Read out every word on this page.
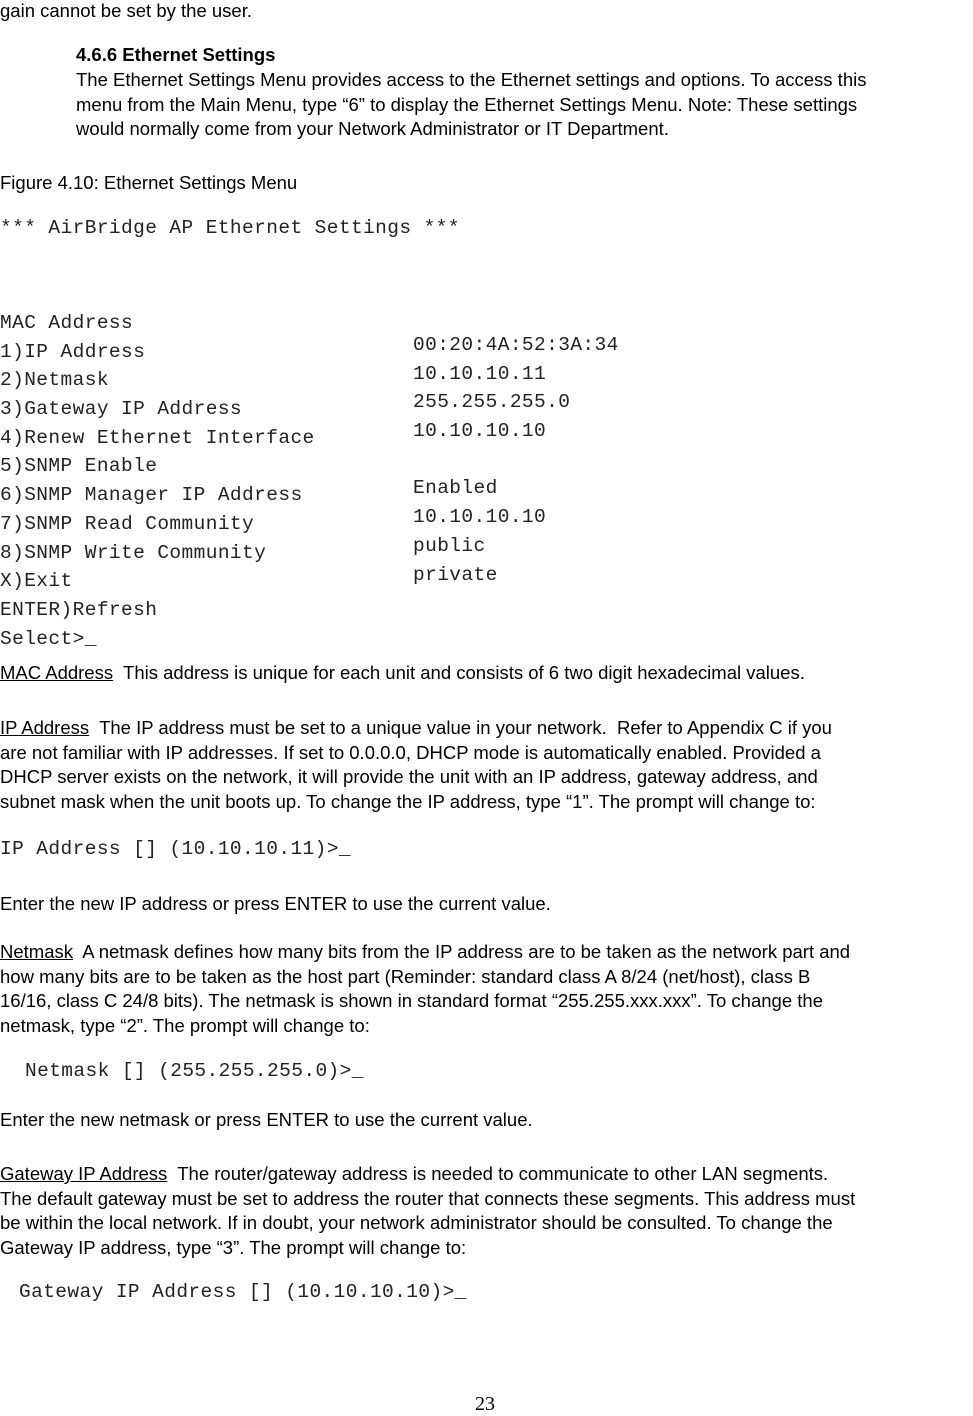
gain cannot be set by the user.
4.6.6 Ethernet Settings
The Ethernet Settings Menu provides access to the Ethernet settings and options. To access this
menu from the Main Menu, type “6” to display the Ethernet Settings Menu. Note: These settings
would normally come from your Network Administrator or IT Department.
Figure 4.10: Ethernet Settings Menu
*** AirBridge AP Ethernet Settings ***

MAC Address

00:20:4A:52:3A:34

1)IP Address

10.10.10.11

2)Netmask

255.255.255.0

3)Gateway IP Address

10.10.10.10

4)Renew Ethernet Interface

5)SNMP Enable

Enabled

6)SNMP Manager IP Address

10.10.10.10

7)SNMP Read Community

public

8)SNMP Write Community

private

X)Exit

ENTER)Refresh

Select>_

MAC Address  This address is unique for each unit and consists of 6 two digit hexadecimal values.
IP Address  The IP address must be set to a unique value in your network.  Refer to Appendix C if you
are not familiar with IP addresses. If set to 0.0.0.0, DHCP mode is automatically enabled. Provided a
DHCP server exists on the network, it will provide the unit with an IP address, gateway address, and
subnet mask when the unit boots up. To change the IP address, type “1”. The prompt will change to:
IP Address [] (10.10.10.11)>_
Enter the new IP address or press ENTER to use the current value.
Netmask  A netmask defines how many bits from the IP address are to be taken as the network part and
how many bits are to be taken as the host part (Reminder: standard class A 8/24 (net/host), class B
16/16, class C 24/8 bits). The netmask is shown in standard format “255.255.xxx.xxx”. To change the
netmask, type “2”. The prompt will change to:
Netmask [] (255.255.255.0)>_
Enter the new netmask or press ENTER to use the current value.
Gateway IP Address  The router/gateway address is needed to communicate to other LAN segments.
The default gateway must be set to address the router that connects these segments. This address must
be within the local network. If in doubt, your network administrator should be consulted. To change the
Gateway IP address, type “3”. The prompt will change to:
Gateway IP Address [] (10.10.10.10)>_
23
